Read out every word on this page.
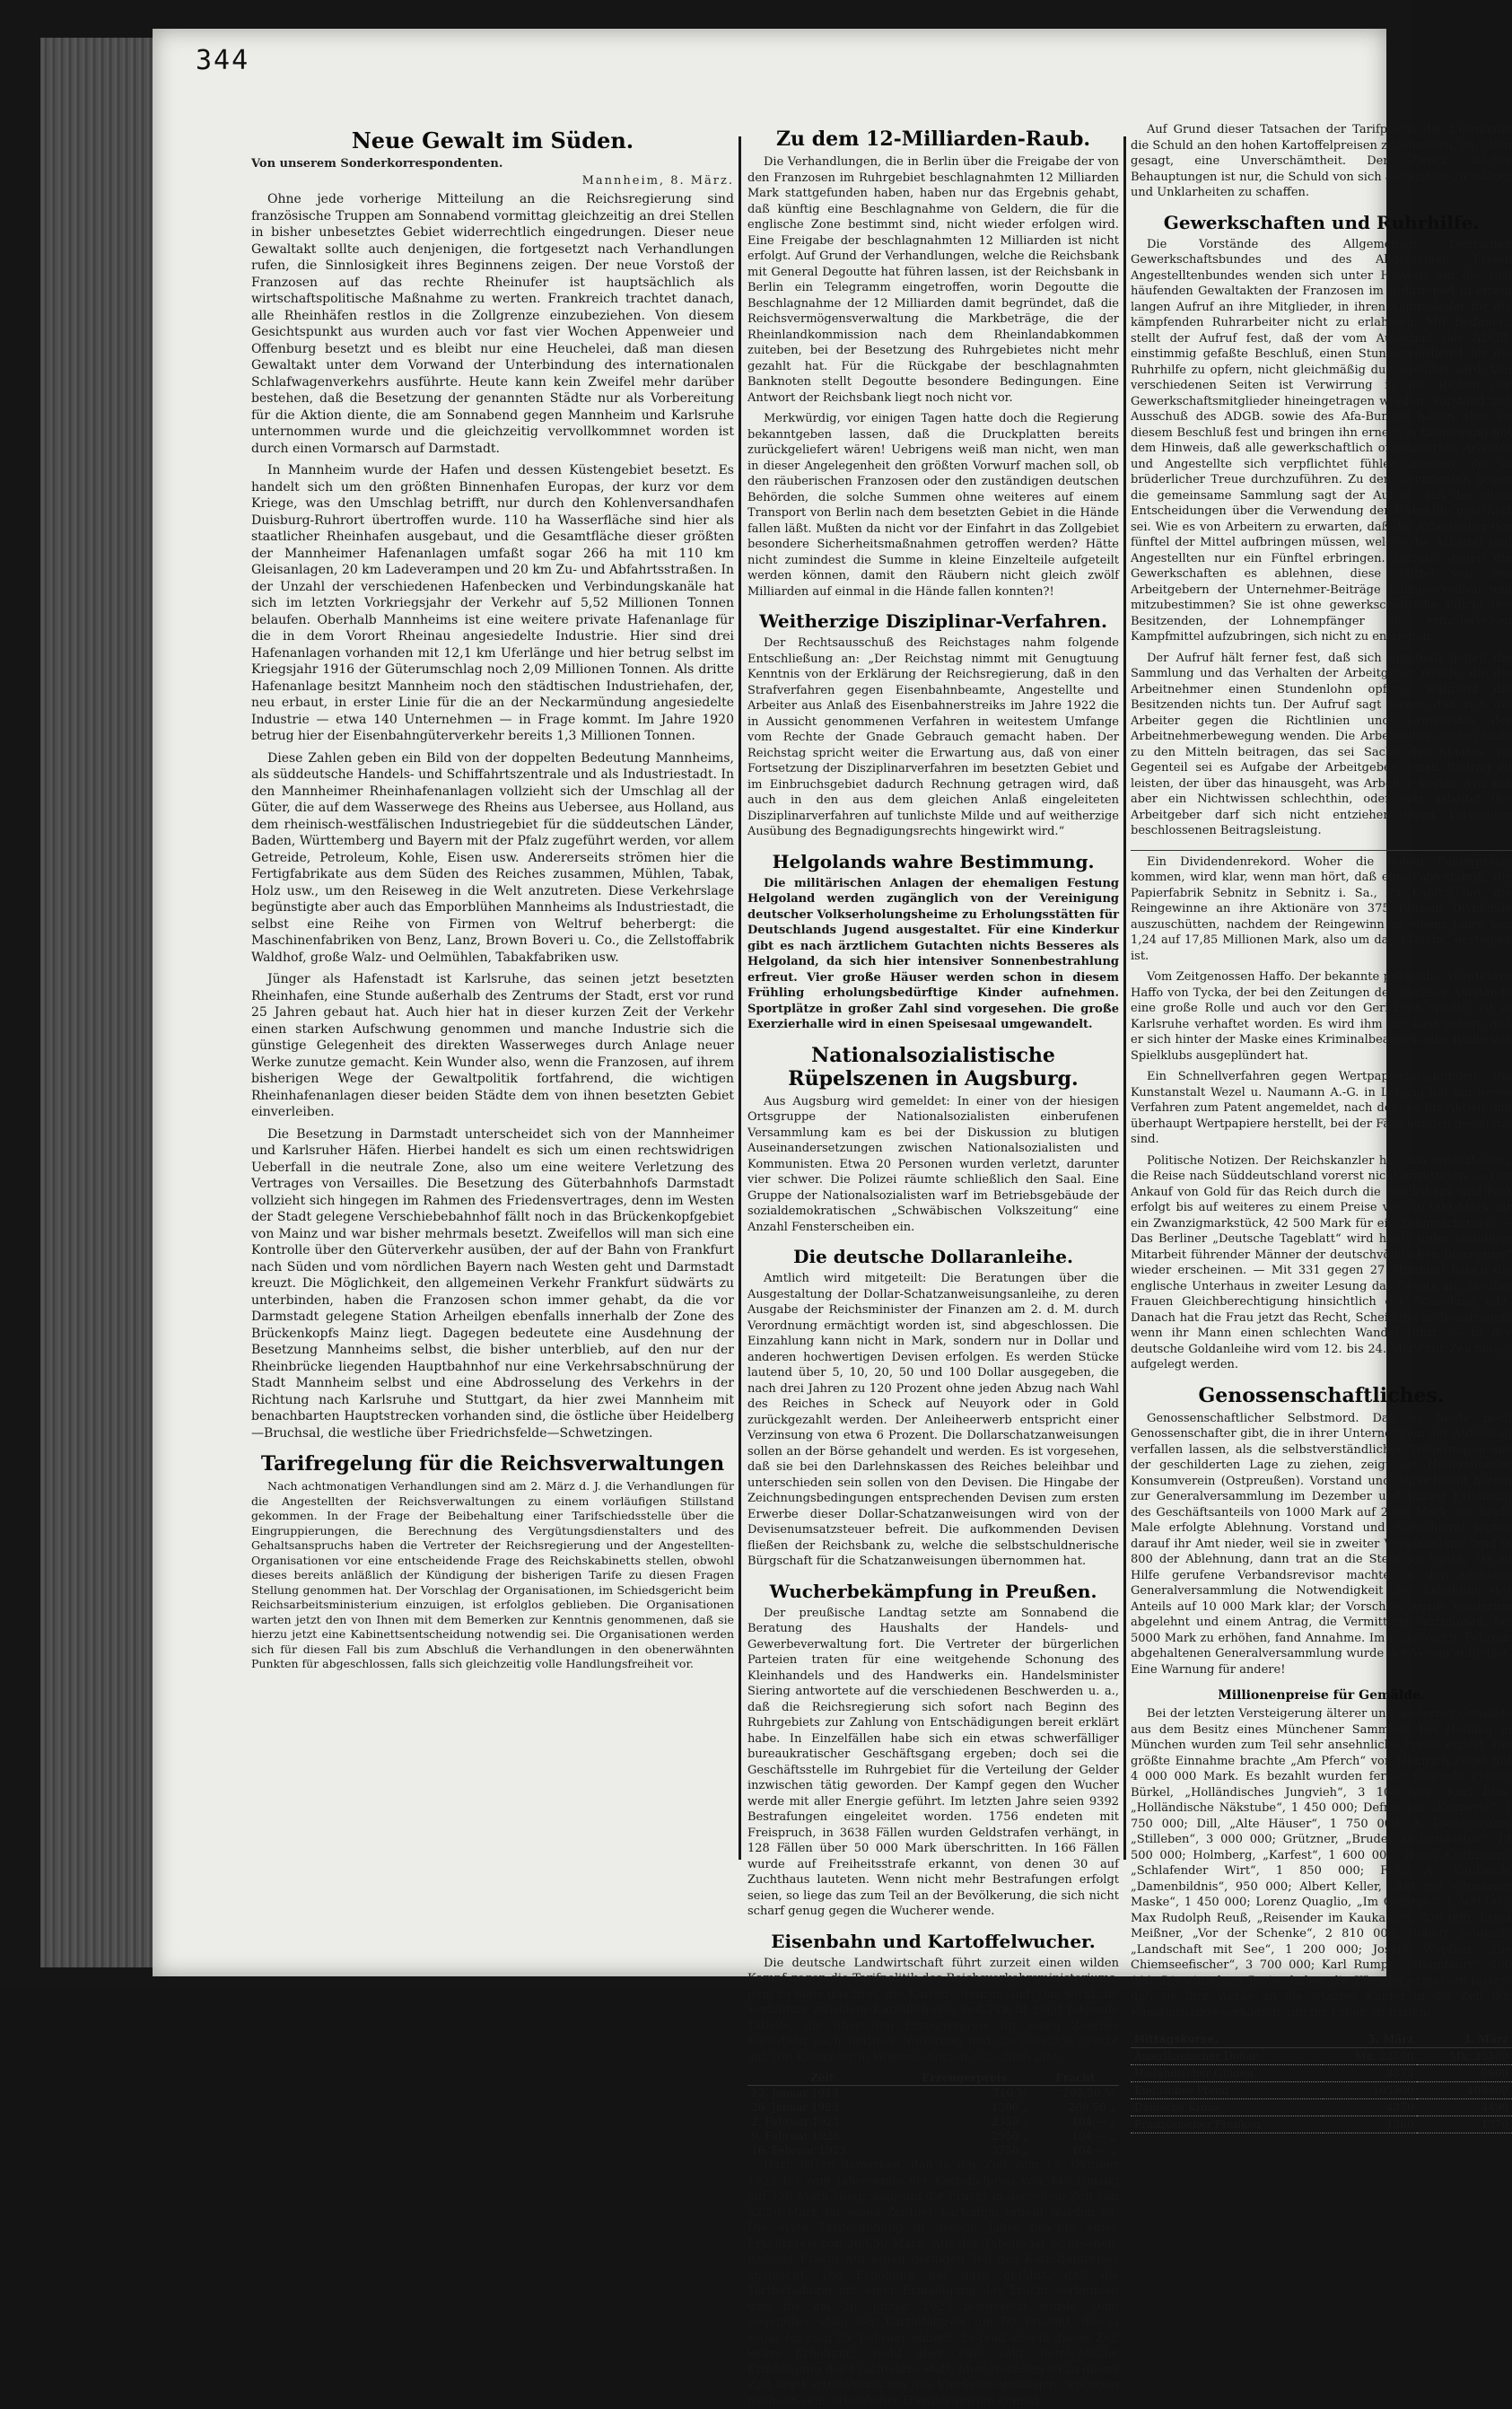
344
Neue Gewalt im Süden.
Von unserem Sonderkorrespondenten.
Mannheim, 8. März.

Ohne jede vorherige Mitteilung an die Reichsregierung sind französische Truppen am Sonnabend vormittag gleichzeitig an drei Stellen in bisher unbesetztes Gebiet widerrechtlich eingedrungen. Dieser neue Gewaltakt sollte auch denjenigen, die fortgesetzt nach Verhandlungen rufen, die Sinnlosigkeit ihres Beginnens zeigen. Der neue Vorstoß der Franzosen auf das rechte Rheinufer ist hauptsächlich als wirtschaftspolitische Maßnahme zu werten. Frankreich trachtet danach, alle Rheinhäfen restlos in die Zollgrenze einzubeziehen. Von diesem Gesichtspunkt aus wurden auch vor fast vier Wochen Appenweier und Offenburg besetzt und es bleibt nur eine Heuchelei, daß man diesen Gewaltakt unter dem Vorwand der Unterbindung des internationalen Schlafwagenverkehrs ausführte. Heute kann kein Zweifel mehr darüber bestehen, daß die Besetzung der genannten Städte nur als Vorbereitung für die Aktion diente, die am Sonnabend gegen Mannheim und Karlsruhe unternommen wurde und die gleichzeitig vervollkommnet worden ist durch einen Vormarsch auf Darmstadt.

In Mannheim wurde der Hafen und dessen Küstengebiet besetzt. Es handelt sich um den größten Binnenhafen Europas, der kurz vor dem Kriege, was den Umschlag betrifft, nur durch den Kohlenversandhafen Duisburg-Ruhrort übertroffen wurde. 110 ha Wasserfläche sind hier als staatlicher Rheinhafen ausgebaut, und die Gesamtfläche dieser größten der Mannheimer Hafenanlagen umfaßt sogar 266 ha mit 110 km Gleisanlagen, 20 km Ladeverampen und 20 km Zu- und Abfahrtsstraßen. In der Unzahl der verschiedenen Hafenbecken und Verbindungskanäle hat sich im letzten Vorkriegsjahr der Verkehr auf 5,52 Millionen Tonnen belaufen. Oberhalb Mannheims ist eine weitere private Hafenanlage für die in dem Vorort Rheinau angesiedelte Industrie. Hier sind drei Hafenanlagen vorhanden mit 12,1 km Uferlänge und hier betrug selbst im Kriegsjahr 1916 der Güterumschlag noch 2,09 Millionen Tonnen. Als dritte Hafenanlage besitzt Mannheim noch den städtischen Industriehafen, der, neu erbaut, in erster Linie für die an der Neckarmündung angesiedelte Industrie — etwa 140 Unternehmen — in Frage kommt. Im Jahre 1920 betrug hier der Eisenbahngüterverkehr bereits 1,3 Millionen Tonnen.

Diese Zahlen geben ein Bild von der doppelten Bedeutung Mannheims, als süddeutsche Handels- und Schiffahrtszentrale und als Industriestadt. In den Mannheimer Rheinhafenanlagen vollzieht sich der Umschlag all der Güter, die auf dem Wasserwege des Rheins aus Uebersee, aus Holland, aus dem rheinisch-westfälischen Industriegebiet für die süddeutschen Länder, Baden, Württemberg und Bayern mit der Pfalz zugeführt werden, vor allem Getreide, Petroleum, Kohle, Eisen usw. Andererseits strömen hier die Fertigfabrikate aus dem Süden des Reiches zusammen, Mühlen, Tabak, Holz usw., um den Reiseweg in die Welt anzutreten. Diese Verkehrslage begünstigte aber auch das Emporblühen Mannheims als Industriestadt, die selbst eine Reihe von Firmen von Weltruf beherbergt: die Maschinenfabriken von Benz, Lanz, Brown Boveri u. Co., die Zellstoffabrik Waldhof, große Walz- und Oelmühlen, Tabakfabriken usw.

Jünger als Hafenstadt ist Karlsruhe, das seinen jetzt besetzten Rheinhafen, eine Stunde außerhalb des Zentrums der Stadt, erst vor rund 25 Jahren gebaut hat. Auch hier hat in dieser kurzen Zeit der Verkehr einen starken Aufschwung genommen und manche Industrie sich die günstige Gelegenheit des direkten Wasserweges durch Anlage neuer Werke zunutze gemacht. Kein Wunder also, wenn die Franzosen, auf ihrem bisherigen Wege der Gewaltpolitik fortfahrend, die wichtigen Rheinhafenanlagen dieser beiden Städte dem von ihnen besetzten Gebiet einverleiben.

Die Besetzung in Darmstadt unterscheidet sich von der Mannheimer und Karlsruher Häfen. Hierbei handelt es sich um einen rechtswidrigen Ueberfall in die neutrale Zone, also um eine weitere Verletzung des Vertrages von Versailles. Die Besetzung des Güterbahnhofs Darmstadt vollzieht sich hingegen im Rahmen des Friedensvertrages, denn im Westen der Stadt gelegene Verschiebebahnhof fällt noch in das Brückenkopfgebiet von Mainz und war bisher mehrmals besetzt. Zweifellos will man sich eine Kontrolle über den Güterverkehr ausüben, der auf der Bahn von Frankfurt nach Süden und vom nördlichen Bayern nach Westen geht und Darmstadt kreuzt. Die Möglichkeit, den allgemeinen Verkehr Frankfurt südwärts zu unterbinden, haben die Franzosen schon immer gehabt, da die vor Darmstadt gelegene Station Arheilgen ebenfalls innerhalb der Zone des Brückenkopfs Mainz liegt. Dagegen bedeutete eine Ausdehnung der Besetzung Mannheims selbst, die bisher unterblieb, auf den nur der Rheinbrücke liegenden Hauptbahnhof nur eine Verkehrsabschnürung der Stadt Mannheim selbst und eine Abdrosselung des Verkehrs in der Richtung nach Karlsruhe und Stuttgart, da hier zwei Mannheim mit benachbarten Hauptstrecken vorhanden sind, die östliche über Heidelberg—Bruchsal, die westliche über Friedrichsfelde—Schwetzingen.

Tarifregelung für die Reichsverwaltungen

Nach achtmonatigen Verhandlungen sind am 2. März d. J. die Verhandlungen für die Angestellten der Reichsverwaltungen zu einem vorläufigen Stillstand gekommen. In der Frage der Beibehaltung einer Tarifschiedsstelle über die Eingruppierungen, die Berechnung des Vergütungsdienstalters und des Gehaltsanspruchs haben die Vertreter der Reichsregierung und der Angestellten-Organisationen vor eine entscheidende Frage des Reichskabinetts stellen, obwohl dieses bereits anläßlich der Kündigung der bisherigen Tarife zu diesen Fragen Stellung genommen hat. Der Vorschlag der Organisationen, im Schiedsgericht beim Reichsarbeitsministerium einzuigen, ist erfolglos geblieben. Die Organisationen warten jetzt den von Ihnen mit dem Bemerken zur Kenntnis genommenen, daß sie hierzu jetzt eine Kabinettsentscheidung notwendig sei. Die Organisationen werden sich für diesen Fall bis zum Abschluß die Verhandlungen in den obenerwähnten Punkten für abgeschlossen, falls sich gleichzeitig volle Handlungsfreiheit vor.

Zu dem 12-Milliarden-Raub.

Die Verhandlungen, die in Berlin über die Freigabe der von den Franzosen im Ruhrgebiet beschlagnahmten 12 Milliarden Mark stattgefunden haben, haben nur das Ergebnis gehabt, daß künftig eine Beschlagnahme von Geldern, die für die englische Zone bestimmt sind, nicht wieder erfolgen wird. Eine Freigabe der beschlagnahmten 12 Milliarden ist nicht erfolgt. Auf Grund der Verhandlungen, welche die Reichsbank mit General Degoutte hat führen lassen, ist der Reichsbank in Berlin ein Telegramm eingetroffen, worin Degoutte die Beschlagnahme der 12 Milliarden damit begründet, daß die Reichsvermögensverwaltung die Markbeträge, die der Rheinlandkommission nach dem Rheinlandabkommen zuiteben, bei der Besetzung des Ruhrgebietes nicht mehr gezahlt hat. Für die Rückgabe der beschlagnahmten Banknoten stellt Degoutte besondere Bedingungen. Eine Antwort der Reichsbank liegt noch nicht vor.

Merkwürdig, vor einigen Tagen hatte doch die Regierung bekanntgeben lassen, daß die Druckplatten bereits zurückgeliefert wären! Uebrigens weiß man nicht, wen man in dieser Angelegenheit den größten Vorwurf machen soll, ob den räuberischen Franzosen oder den zuständigen deutschen Behörden, die solche Summen ohne weiteres auf einem Transport von Berlin nach dem besetzten Gebiet in die Hände fallen läßt. Mußten da nicht vor der Einfahrt in das Zollgebiet besondere Sicherheitsmaßnahmen getroffen werden? Hätte nicht zumindest die Summe in kleine Einzelteile aufgeteilt werden können, damit den Räubern nicht gleich zwölf Milliarden auf einmal in die Hände fallen konnten?!

Weitherzige Disziplinar-Verfahren.

Der Rechtsausschuß des Reichstages nahm folgende Entschließung an: „Der Reichstag nimmt mit Genugtuung Kenntnis von der Erklärung der Reichsregierung, daß in den Strafverfahren gegen Eisenbahnbeamte, Angestellte und Arbeiter aus Anlaß des Eisenbahnerstreiks im Jahre 1922 die in Aussicht genommenen Verfahren in weitestem Umfange vom Rechte der Gnade Gebrauch gemacht haben. Der Reichstag spricht weiter die Erwartung aus, daß von einer Fortsetzung der Disziplinarverfahren im besetzten Gebiet und im Einbruchsgebiet dadurch Rechnung getragen wird, daß auch in den aus dem gleichen Anlaß eingeleiteten Disziplinarverfahren auf tunlichste Milde und auf weitherzige Ausübung des Begnadigungsrechts hingewirkt wird.“

Helgolands wahre Bestimmung.

Die militärischen Anlagen der ehemaligen Festung Helgoland werden zugänglich von der Vereinigung deutscher Volkserholungsheime zu Erholungsstätten für Deutschlands Jugend ausgestaltet. Für eine Kinderkur gibt es nach ärztlichem Gutachten nichts Besseres als Helgoland, da sich hier intensiver Sonnenbestrahlung erfreut. Vier große Häuser werden schon in diesem Frühling erholungsbedürftige Kinder aufnehmen. Sportplätze in großer Zahl sind vorgesehen. Die große Exerzierhalle wird in einen Speisesaal umgewandelt.

Nationalsozialistische Rüpelszenen in Augsburg.

Aus Augsburg wird gemeldet: In einer von der hiesigen Ortsgruppe der Nationalsozialisten einberufenen Versammlung kam es bei der Diskussion zu blutigen Auseinandersetzungen zwischen Nationalsozialisten und Kommunisten. Etwa 20 Personen wurden verletzt, darunter vier schwer. Die Polizei räumte schließlich den Saal. Eine Gruppe der Nationalsozialisten warf im Betriebsgebäude der sozialdemokratischen „Schwäbischen Volkszeitung“ eine Anzahl Fensterscheiben ein.

Die deutsche Dollaranleihe.

Amtlich wird mitgeteilt: Die Beratungen über die Ausgestaltung der Dollar-Schatzanweisungsanleihe, zu deren Ausgabe der Reichsminister der Finanzen am 2. d. M. durch Verordnung ermächtigt worden ist, sind abgeschlossen. Die Einzahlung kann nicht in Mark, sondern nur in Dollar und anderen hochwertigen Devisen erfolgen. Es werden Stücke lautend über 5, 10, 20, 50 und 100 Dollar ausgegeben, die nach drei Jahren zu 120 Prozent ohne jeden Abzug nach Wahl des Reiches in Scheck auf Neuyork oder in Gold zurückgezahlt werden. Der Anleiheerwerb entspricht einer Verzinsung von etwa 6 Prozent. Die Dollarschatzanweisungen sollen an der Börse gehandelt und werden. Es ist vorgesehen, daß sie bei den Darlehnskassen des Reiches beleihbar und unterschieden sein sollen von den Devisen. Die Hingabe der Zeichnungsbedingungen entsprechenden Devisen zum ersten Erwerbe dieser Dollar-Schatzanweisungen wird von der Devisenumsatzsteuer befreit. Die aufkommenden Devisen fließen der Reichsbank zu, welche die selbstschuldnerische Bürgschaft für die Schatzanweisungen übernommen hat.

Wucherbekämpfung in Preußen.

Der preußische Landtag setzte am Sonnabend die Beratung des Haushalts der Handels- und Gewerbeverwaltung fort. Die Vertreter der bürgerlichen Parteien traten für eine weitgehende Schonung des Kleinhandels und des Handwerks ein. Handelsminister Siering antwortete auf die verschiedenen Beschwerden u. a., daß die Reichsregierung sich sofort nach Beginn des Ruhrgebiets zur Zahlung von Entschädigungen bereit erklärt habe. In Einzelfällen habe sich ein etwas schwerfälliger bureaukratischer Geschäftsgang ergeben; doch sei die Geschäftsstelle im Ruhrgebiet für die Verteilung der Gelder inzwischen tätig geworden. Der Kampf gegen den Wucher werde mit aller Energie geführt. Im letzten Jahre seien 9392 Bestrafungen eingeleitet worden. 1756 endeten mit Freispruch, in 3638 Fällen wurden Geldstrafen verhängt, in 128 Fällen über 50 000 Mark überschritten. In 166 Fällen wurde auf Freiheitsstrafe erkannt, von denen 30 auf Zuchthaus lauteten. Wenn nicht mehr Bestrafungen erfolgt seien, so liege das zum Teil an der Bevölkerung, die sich nicht scharf genug gegen die Wucherer wende.

Eisenbahn und Kartoffelwucher.

Die deutsche Landwirtschaft führt zurzeit einen wilden Kampf gegen die Tarifpolitik des Reichsverkehrsministeriums, dem zu liebe das Brot, die Kartoffel teurer sind. Das wirkliche Verhältnis zwischen Kartoffelpreis und Fracht zeigt folgende Tabelle, die über den Erzeugerpreis für einen Zentner Kartoffeln nach Berliner Notierung und die jeweilige Fracht auf 300 Kilometer in Wagenladungen Aufschluß gibt:

Zeit	Erzeugerpreis	Fracht
12. Januar 1923	710 ℳ	208,50 ℳ
26. Januar 1923	1300 „	208,50 „
2. Februar 1923	2350 „	104,— „
9. Februar 1923	2950 „	104,— „
16. Februar 1923	3750 „	104,— „

Dazu ist zu bemerken, daß in der Zeit vom 17. Oktober 1922 bis zum Jahresende der Kartoffelpreis von 445 Umzug auf 350 Mark stieg, während die Fracht in derselben Zeit von 32,50 Mark für einen Zentner Kartoffeln erhöht worden ist. Die erste Tariferhöhung in diesem Jahre brachte einen Frachtpreis von 208,50 Mark. Aus der Tabelle ist zu ersehen, daß die Fracht nur einen geringen Teil des Kartoffelpreises ausmacht. Die Erhöhung hat dazu geführt, daß die Tariferhöhung mit einer Ermäßigung der Fracht verbunden war, die am 26. Januar 1923 festgesetzt wurde. Dem gegenüber stieg der Kartoffelpreis um 50 Prozent, die ja sogar bis zum 15. Februar anhielt. Es fand also in dieser Zeit keine Erhöhung, wohl aber eine sehr beträchtliche Ermäßigung der Frachtsätze statt; aber trotzdem ist in dieser Zeit der Kartoffelpreis um das Vierfache gestiegen, wogegen nach ein sehr erheblicher Händlergewinn kommt.

Auf Grund dieser Tatsachen der Tarifpolitik der Eisenbahn die Schuld an den hohen Kartoffelpreisen zuzumessen, ist, offen gesagt, eine Unverschämtheit. Der Zweck solcher Behauptungen ist nur, die Schuld von sich auf andere zu wälzen und Unklarheiten zu schaffen.

Gewerkschaften und Ruhrhilfe.

Die Vorstände des Allgemeinen Deutschen Gewerkschaftsbundes und des Allgemeinen Freien Angestelltenbundes wenden sich unter Hinweis auf die sich häufenden Gewaltakten der Franzosen im Ruhrgebiet in einem langen Aufruf an ihre Mitglieder, in ihren Sammeleifer für die kämpfenden Ruhrarbeiter nicht zu erlahmen. Mit Bedauern stellt der Aufruf fest, daß der vom Ausschuß des ADGB. einstimmig gefaßte Beschluß, einen Stundenverdienst für die Ruhrhilfe zu opfern, nicht gleichmäßig durchgeführt wird. Von verschiedenen Seiten ist Verwirrung in die Reihen der Gewerkschaftsmitglieder hineingetragen worden. Vorstand und Ausschuß des ADGB. sowie des Afa-Bundes halten aber an diesem Beschluß fest und bringen ihn erneut in Erinnerung mit dem Hinweis, daß alle gewerkschaftlich organisierten Arbeiter und Angestellte sich verpflichtet fühlen müssen, ihn in brüderlicher Treue durchzuführen. Zu den Argumenten gegen die gemeinsame Sammlung sagt der Aufruf, daß die allein Entscheidungen über die Verwendung der Ruhrhilfe gesichert sei. Wie es von Arbeitern zu erwarten, daß die Arbeitgeber der fünftel der Mittel aufbringen müssen, welche die Arbeiter und Angestellten nur ein Fünftel erbringen. Warum sollten die Gewerkschaften es ablehnen, diese Mittel von den Arbeitgebern der Unternehmer-Beiträge mitzuverwalten und mitzubestimmen? Sie ist ohne gewerkschaftliche Pflicht der Besitzenden, der Lohnempfänger die erforderlichen Kampfmittel aufzubringen, sich nicht zu entziehen.

Der Aufruf hält ferner fest, daß sich ernsthaft gegen die Sammlung und das Verhalten der Arbeitgeber wende, die die Arbeitnehmer einen Stundenlohn opfern, während die Besitzenden nichts tun. Der Aufruf sagt ferner, daß sich die Arbeiter gegen die Richtlinien und Grundsätze der Arbeitnehmerbewegung wenden. Die Arbeitgeber dürfen nicht zu den Mitteln beitragen, das sei Sache des Staates. Im Gegenteil sei es Aufgabe der Arbeitgeber, einen Beitrag zu leisten, der über das hinausgeht, was Arbeiter leisten. Wir tun aber ein Nichtwissen schlechthin, oder wer arbeitet der Arbeitgeber darf sich nicht entziehen ihren Verbänden beschlossenen Beitragsleistung.

Ein Dividendenrekord. Woher die hohen Papierpreise kommen, wird klar, wenn man hört, daß eine Papierfabrik, die Papierfabrik Sebnitz in Sebnitz i. Sa., ihr Kapital hat, die Reingewinne an ihre Aktionäre von 375 Prozent Dividende auszuschütten, nachdem der Reingewinn in einem Jahre von 1,24 auf 17,85 Millionen Mark, also um das 14fache, gestiegen ist.

Vom Zeitgenossen Haffo. Der bekannte politische Abenteurer Haffo von Tycka, der bei den Zeitungen des Berliner Aufstände eine große Rolle und auch vor den Gerichten spielte, ist in Karlsruhe verhaftet worden. Es wird ihm zur Last gelegt, daß er sich hinter der Maske eines Kriminalbeamten eine Reihe von Spielklubs ausgeplündert hat.

Ein Schnellverfahren gegen Wertpapierfälschungen. Die Kunstanstalt Wezel u. Naumann A.-G. in Leipzig hat ein neues Verfahren zum Patent angemeldet, nach dem es für Aktien und überhaupt Wertpapiere herstellt, bei der Fälschungen geschützt sind.

Politische Notizen. Der Reichskanzler hat sich entschlossen, die Reise nach Süddeutschland vorerst nicht anzutreten. — Der Ankauf von Gold für das Reich durch die Reichsbank und Post erfolgt bis auf weiteres zu einem Preise von 86 000 Mark für ein Zwanzigmarkstück, 42 500 Mark für ein Zehnmarkstück. — Das Berliner „Deutsche Tageblatt“ wird heute unter ständiger Mitarbeit führender Männer der deutschvölkischen Bewegung“ wieder erscheinen. — Mit 331 gegen 27 Stimmen haben die englische Unterhaus in zweiter Lesung das Gesetz an, das den Frauen Gleichberechtigung hinsichtlich der Scheidung gibt. Danach hat die Frau jetzt das Recht, Scheidung zu beantragen, wenn ihr Mann einen schlechten Wandel führt. — In der deutsche Goldanleihe wird vom 12. bis 24. März zur Zeichnung aufgelegt werden.

Genossenschaftliches.

Genossenschaftlicher Selbstmord. Daß es heute noch Genossenschafter gibt, die in ihrer Unternehmen der Auflösung verfallen lassen, als die selbstverständlichen Folgerungen aus der geschilderten Lage zu ziehen, zeigt der Heiligenbeiler Konsumverein (Ostpreußen). Vorstand und Aufsichtsrat hatten zur Generalversammlung im Dezember und Januar Erhöhung des Geschäftsanteils von 1000 Mark auf 2000 Mark; die beide Male erfolgte Ablehnung. Vorstand und Aufsichtsrat legten darauf ihr Amt nieder, weil sie in zweiter Versammlung fand in 800 der Ablehnung, dann trat an die Stelle zu treten. Da zu Hilfe gerufene Verbandsrevisor machte in der nächsten Generalversammlung die Notwendigkeit der Erhöhung des Anteils auf 10 000 Mark klar; der Vorschlag wurde wiederum abgelehnt und einem Antrag, die Vermittlung aufzulösen, bei 5000 Mark zu erhöhen, fand Annahme. Im einer von 9. Februar abgehaltenen Generalversammlung wurde der Verein aufgelöst. Eine Warnung für andere!

Millionenpreise für Gemälde.

Bei der letzten Versteigerung älterer und moderner Gemälde aus dem Besitz eines Münchener Sammlers bei Helbing in München wurden zum Teil sehr ansehnliche Preise erzielt. Die größte Einnahme brachte „Am Pferch“ von Heinrich Zügel mit 4 000 000 Mark. Es bezahlt wurden ferner folgende Preise: Bürkel, „Holländisches Jungvieh“, 3 100 000; Karl Blos, „Holländische Näkstube“, 1 450 000; Defregger, „Kasperle“, 1 750 000; Dill, „Alte Häuser“, 1 750 000; A. Fleischmann, „Stilleben“, 3 000 000; Grützner, „Bruder Kellermeister“, 14 500 000; Holmberg, „Karfest“, 1 600 000; Hugo Kauffmann, „Schlafender Wirt“, 1 850 000; Fritz A. Kaulbach, „Damenbildnis“, 950 000; Albert Keller, „Akt mit schwarzer Maske“, 1 450 000; Lorenz Quaglio, „Im Gebirge“, 1 500 000; Max Rudolph Reuß, „Reisender im Kaukasus“, 800 000; Ernst Meißner, „Vor der Schenke“, 2 810 000; Robert Schleich, „Landschaft mit See“, 1 200 000; Joseph Wopfner, „Die Chiemseefischer“, 3 700 000; Karl Rumpp, „Heimfahrt“, 400 000. Die einzelnen Preise haben die Künstler ermessen lassen, daß sie ihre Werke an die jetzigen Käufer in der Zeit der Künstlerhände verkaufen, um ihr Leben zu fristen!

Mittagskurse.	5. März	3. März
Amerikanischer Dollar	Mk. 22500	Mk. 23500
Holländischer Gulden	8875	8900
Englisches Pfund	105800	108800
Dänische Krone	4370	4490
Französischer Franken	1380	1370
